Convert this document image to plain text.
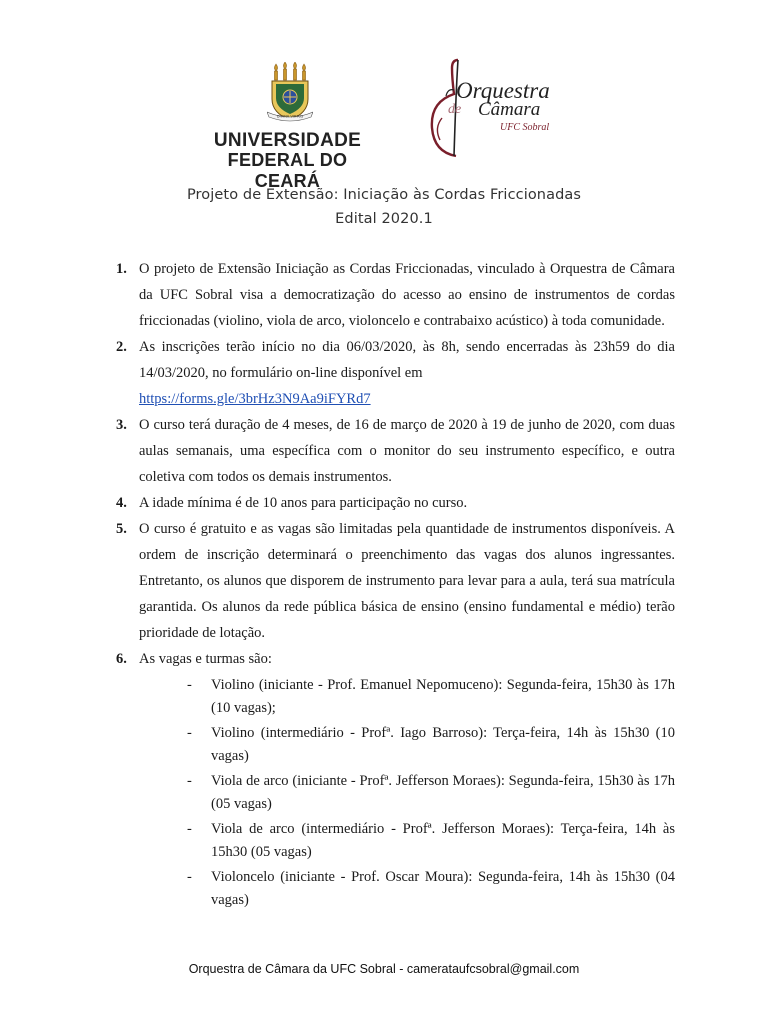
DIVINA VIRTUS
UNIVERSIDADE
FEDERAL DO CEARÁ
Orquestra
de Câmara
UFC Sobral
Projeto de Extensão: Iniciação às Cordas Friccionadas
Edital 2020.1
1. O projeto de Extensão Iniciação as Cordas Friccionadas, vinculado à Orquestra de Câmara da UFC Sobral visa a democratização do acesso ao ensino de instrumentos de cordas friccionadas (violino, viola de arco, violoncelo e contrabaixo acústico) à toda comunidade.
2. As inscrições terão início no dia 06/03/2020, às 8h, sendo encerradas às 23h59 do dia 14/03/2020, no formulário on-line disponível em
https://forms.gle/3brHz3N9Aa9iFYRd7
3. O curso terá duração de 4 meses, de 16 de março de 2020 à 19 de junho de 2020, com duas aulas semanais, uma específica com o monitor do seu instrumento específico, e outra coletiva com todos os demais instrumentos.
4. A idade mínima é de 10 anos para participação no curso.
5. O curso é gratuito e as vagas são limitadas pela quantidade de instrumentos disponíveis. A ordem de inscrição determinará o preenchimento das vagas dos alunos ingressantes. Entretanto, os alunos que disporem de instrumento para levar para a aula, terá sua matrícula garantida. Os alunos da rede pública básica de ensino (ensino fundamental e médio) terão prioridade de lotação.
6. As vagas e turmas são:
- Violino (iniciante - Prof. Emanuel Nepomuceno): Segunda-feira, 15h30 às 17h (10 vagas);
- Violino (intermediário - Profª. Iago Barroso): Terça-feira, 14h às 15h30 (10 vagas)
- Viola de arco (iniciante - Profª. Jefferson Moraes): Segunda-feira, 15h30 às 17h (05 vagas)
- Viola de arco (intermediário - Profª. Jefferson Moraes): Terça-feira, 14h às 15h30 (05 vagas)
- Violoncelo (iniciante - Prof. Oscar Moura): Segunda-feira, 14h às 15h30 (04 vagas)
Orquestra de Câmara da UFC Sobral - camerataufcsobral@gmail.com
